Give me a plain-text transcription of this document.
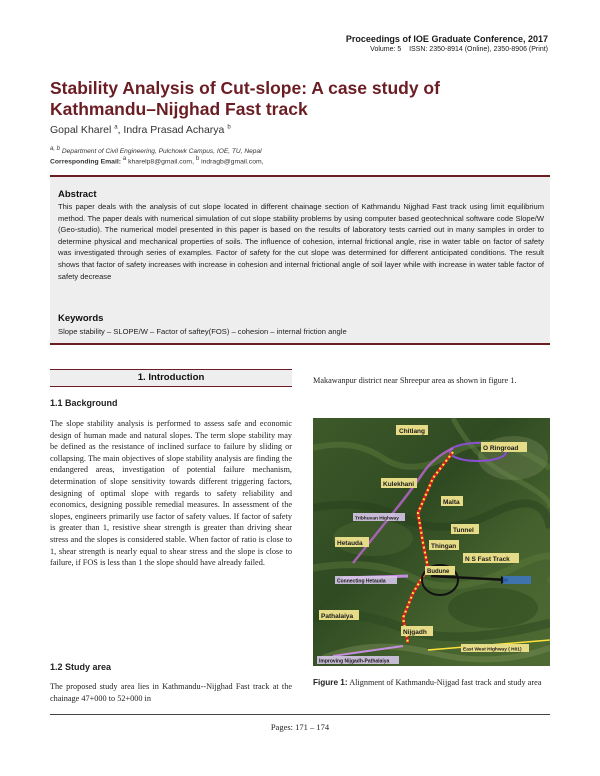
Proceedings of IOE Graduate Conference, 2017
Volume: 5 ISSN: 2350-8914 (Online), 2350-8906 (Print)
Stability Analysis of Cut-slope: A case study of
Kathmandu–Nijghad Fast track
Gopal Kharel $^a$, Indra Prasad Acharya $^b$
$^{a, b}$ Department of Civil Engineering, Pulchowk Campus, IOE, TU, Nepal
Corresponding Email: $^a$ kharelp8@gmail.com, $^b$ indragb@gmail.com,
Abstract
This paper deals with the analysis of cut slope located in different chainage section of Kathmandu Nijghad Fast track using limit equilibrium method. The paper deals with numerical simulation of cut slope stability problems by using computer based geotechnical software code Slope/W (Geo-studio). The numerical model presented in this paper is based on the results of laboratory tests carried out in many samples in order to determine physical and mechanical properties of soils. The influence of cohesion, internal frictional angle, rise in water table on factor of safety was investigated through series of examples. Factor of safety for the cut slope was determined for different anticipated conditions. The result shows that factor of safety increases with increase in cohesion and internal frictional angle of soil layer while with increase in water table factor of safety decrease
Keywords
Slope stability – SLOPE/W – Factor of saftey(FOS) – cohesion – internal friction angle
1. Introduction
1.1 Background
The slope stability analysis is performed to assess safe and economic design of human made and natural slopes. The term slope stability may be defined as the resistance of inclined surface to failure by sliding or collapsing. The main objectives of slope stability analysis are finding the endangered areas, investigation of potential failure mechanism, determination of slope sensitivity towards different triggering factors, designing of optimal slope with regards to safety reliability and economics, designing possible remedial measures. In assessment of the slopes, engineers primarily use factor of safety values. If factor of safety is greater than 1, resistive shear strength is greater than driving shear stress and the slopes is considered stable. When factor of ratio is close to 1, shear strength is nearly equal to shear stress and the slope is close to failure, if FOS is less than 1 the slope should have already failed.
1.2 Study area
The proposed study area lies in Kathmandu--Nijghad Fast track at the chainage 47+000 to 52+000 in
Makawanpur district near Shreepur area as shown in figure 1.
Chitlang
O Ringroad
Kulekhani
Malta
Tribhuvan Highway
Tunnel
Hetauda	Thingan
N S Fast Track
Budune
Connecting Hetauda
Pathalaiya
Nijgadh
East West Highway ( H01)
Improving Nijgadh-Pathalaiya
Figure 1: Alignment of Kathmandu-Nijgad fast track and study area
Pages: 171 – 174
